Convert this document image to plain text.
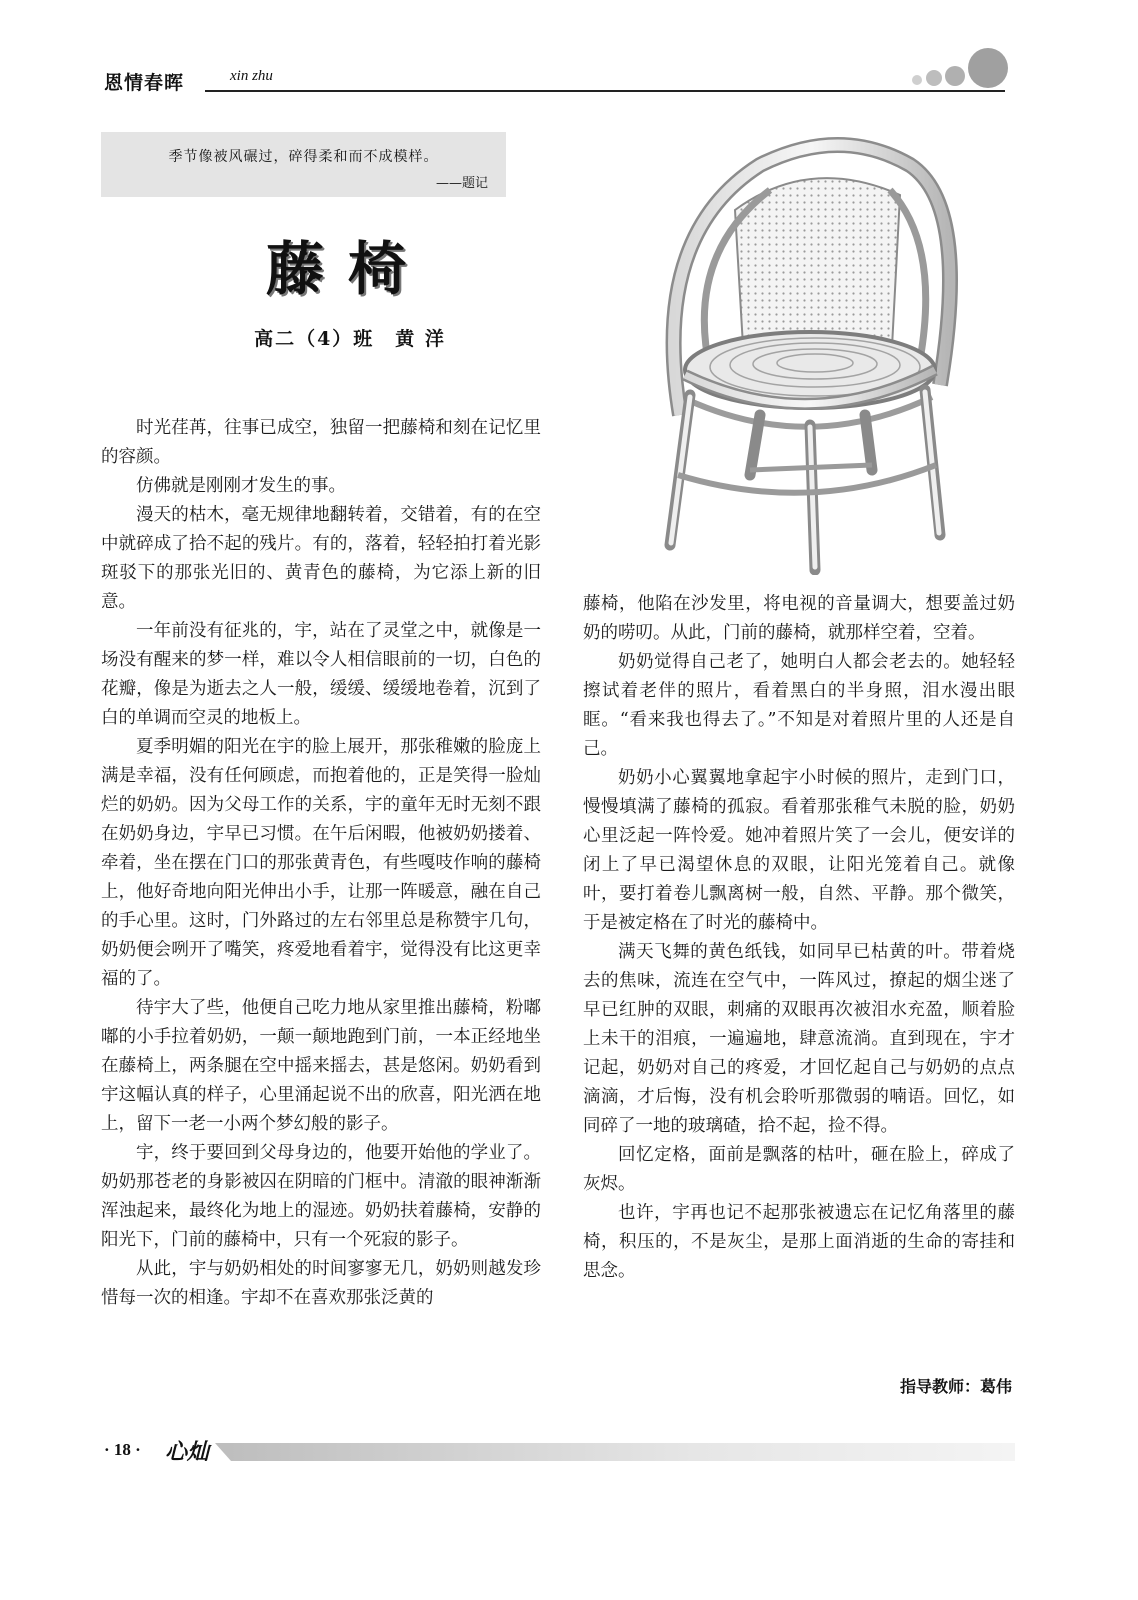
恩情春晖	xin zhu
季节像被风碾过，碎得柔和而不成模样。
——题记
藤椅
高二（4）班　黄 洋

时光荏苒，往事已成空，独留一把藤椅和刻在记忆里的容颜。

仿佛就是刚刚才发生的事。

漫天的枯木，毫无规律地翻转着，交错着，有的在空中就碎成了拾不起的残片。有的，落着，轻轻拍打着光影斑驳下的那张光旧的、黄青色的藤椅，为它添上新的旧意。

一年前没有征兆的，宇，站在了灵堂之中，就像是一场没有醒来的梦一样，难以令人相信眼前的一切，白色的花瓣，像是为逝去之人一般，缓缓、缓缓地卷着，沉到了白的单调而空灵的地板上。

夏季明媚的阳光在宇的脸上展开，那张稚嫩的脸庞上满是幸福，没有任何顾虑，而抱着他的，正是笑得一脸灿烂的奶奶。因为父母工作的关系，宇的童年无时无刻不跟在奶奶身边，宇早已习惯。在午后闲暇，他被奶奶搂着、牵着，坐在摆在门口的那张黄青色，有些嘎吱作响的藤椅上，他好奇地向阳光伸出小手，让那一阵暖意，融在自己的手心里。这时，门外路过的左右邻里总是称赞宇几句，奶奶便会咧开了嘴笑，疼爱地看着宇，觉得没有比这更幸福的了。

待宇大了些，他便自己吃力地从家里推出藤椅，粉嘟嘟的小手拉着奶奶，一颠一颠地跑到门前，一本正经地坐在藤椅上，两条腿在空中摇来摇去，甚是悠闲。奶奶看到宇这幅认真的样子，心里涌起说不出的欣喜，阳光洒在地上，留下一老一小两个梦幻般的影子。

宇，终于要回到父母身边的，他要开始他的学业了。奶奶那苍老的身影被囚在阴暗的门框中。清澈的眼神渐渐浑浊起来，最终化为地上的湿迹。奶奶扶着藤椅，安静的阳光下，门前的藤椅中，只有一个死寂的影子。

从此，宇与奶奶相处的时间寥寥无几，奶奶则越发珍惜每一次的相逢。宇却不在喜欢那张泛黄的

藤椅，他陷在沙发里，将电视的音量调大，想要盖过奶奶的唠叨。从此，门前的藤椅，就那样空着，空着。

奶奶觉得自己老了，她明白人都会老去的。她轻轻擦试着老伴的照片，看着黑白的半身照，泪水漫出眼眶。“看来我也得去了。”不知是对着照片里的人还是自己。

奶奶小心翼翼地拿起宇小时候的照片，走到门口，慢慢填满了藤椅的孤寂。看着那张稚气未脱的脸，奶奶心里泛起一阵怜爱。她冲着照片笑了一会儿，便安详的闭上了早已渴望休息的双眼，让阳光笼着自己。就像叶，要打着卷儿飘离树一般，自然、平静。那个微笑，于是被定格在了时光的藤椅中。

满天飞舞的黄色纸钱，如同早已枯黄的叶。带着烧去的焦味，流连在空气中，一阵风过，撩起的烟尘迷了早已红肿的双眼，刺痛的双眼再次被泪水充盈，顺着脸上未干的泪痕，一遍遍地，肆意流淌。直到现在，宇才记起，奶奶对自己的疼爱，才回忆起自己与奶奶的点点滴滴，才后悔，没有机会聆听那微弱的喃语。回忆，如同碎了一地的玻璃碴，拾不起，捡不得。

回忆定格，面前是飘落的枯叶，砸在脸上，碎成了灰烬。

也许，宇再也记不起那张被遗忘在记忆角落里的藤椅，积压的，不是灰尘，是那上面消逝的生命的寄挂和思念。

指导教师：葛伟
· 18 · 心灿
